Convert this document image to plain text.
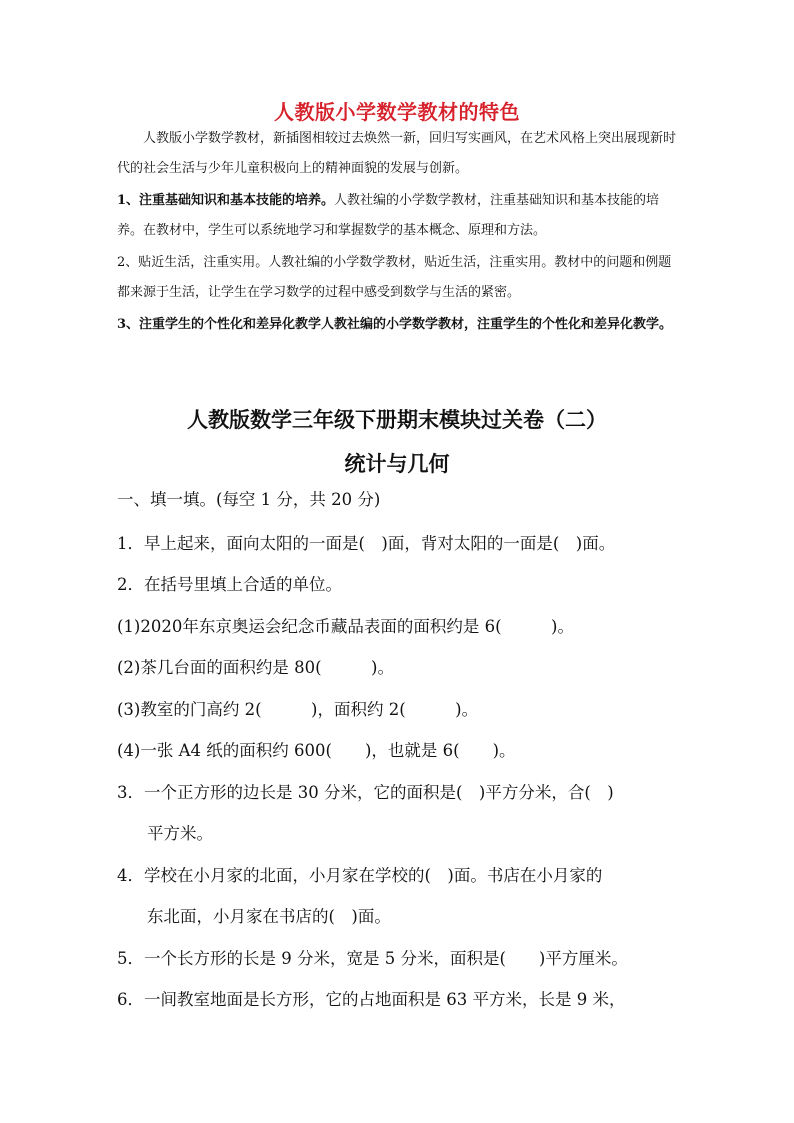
人教版小学数学教材的特色

人教版小学数学教材，新插图相较过去焕然一新，回归写实画风，在艺术风格上突出展现新时代的社会生活与少年儿童积极向上的精神面貌的发展与创新。

1、注重基础知识和基本技能的培养。人教社编的小学数学教材，注重基础知识和基本技能的培养。在教材中，学生可以系统地学习和掌握数学的基本概念、原理和方法。

2、贴近生活，注重实用。人教社编的小学数学教材，贴近生活，注重实用。教材中的问题和例题都来源于生活，让学生在学习数学的过程中感受到数学与生活的紧密。

3、注重学生的个性化和差异化教学人教社编的小学数学教材，注重学生的个性化和差异化教学。

人教版数学三年级下册期末模块过关卷（二）
统计与几何
一、填一填。(每空 1 分，共 20 分)
1．早上起来，面向太阳的一面是(　)面，背对太阳的一面是(　)面。
2．在括号里填上合适的单位。
(1)2020年东京奥运会纪念币藏品表面的面积约是 6(　　　)。
(2)茶几台面的面积约是 80(　　　)。
(3)教室的门高约 2(　　　)，面积约 2(　　　)。
(4)一张 A4 纸的面积约 600(　　)，也就是 6(　　)。
3．一个正方形的边长是 30 分米，它的面积是(　)平方分米，合(　)
平方米。
4．学校在小月家的北面，小月家在学校的(　)面。书店在小月家的
东北面，小月家在书店的(　)面。
5．一个长方形的长是 9 分米，宽是 5 分米，面积是(　　)平方厘米。
6．一间教室地面是长方形，它的占地面积是 63 平方米，长是 9 米，
